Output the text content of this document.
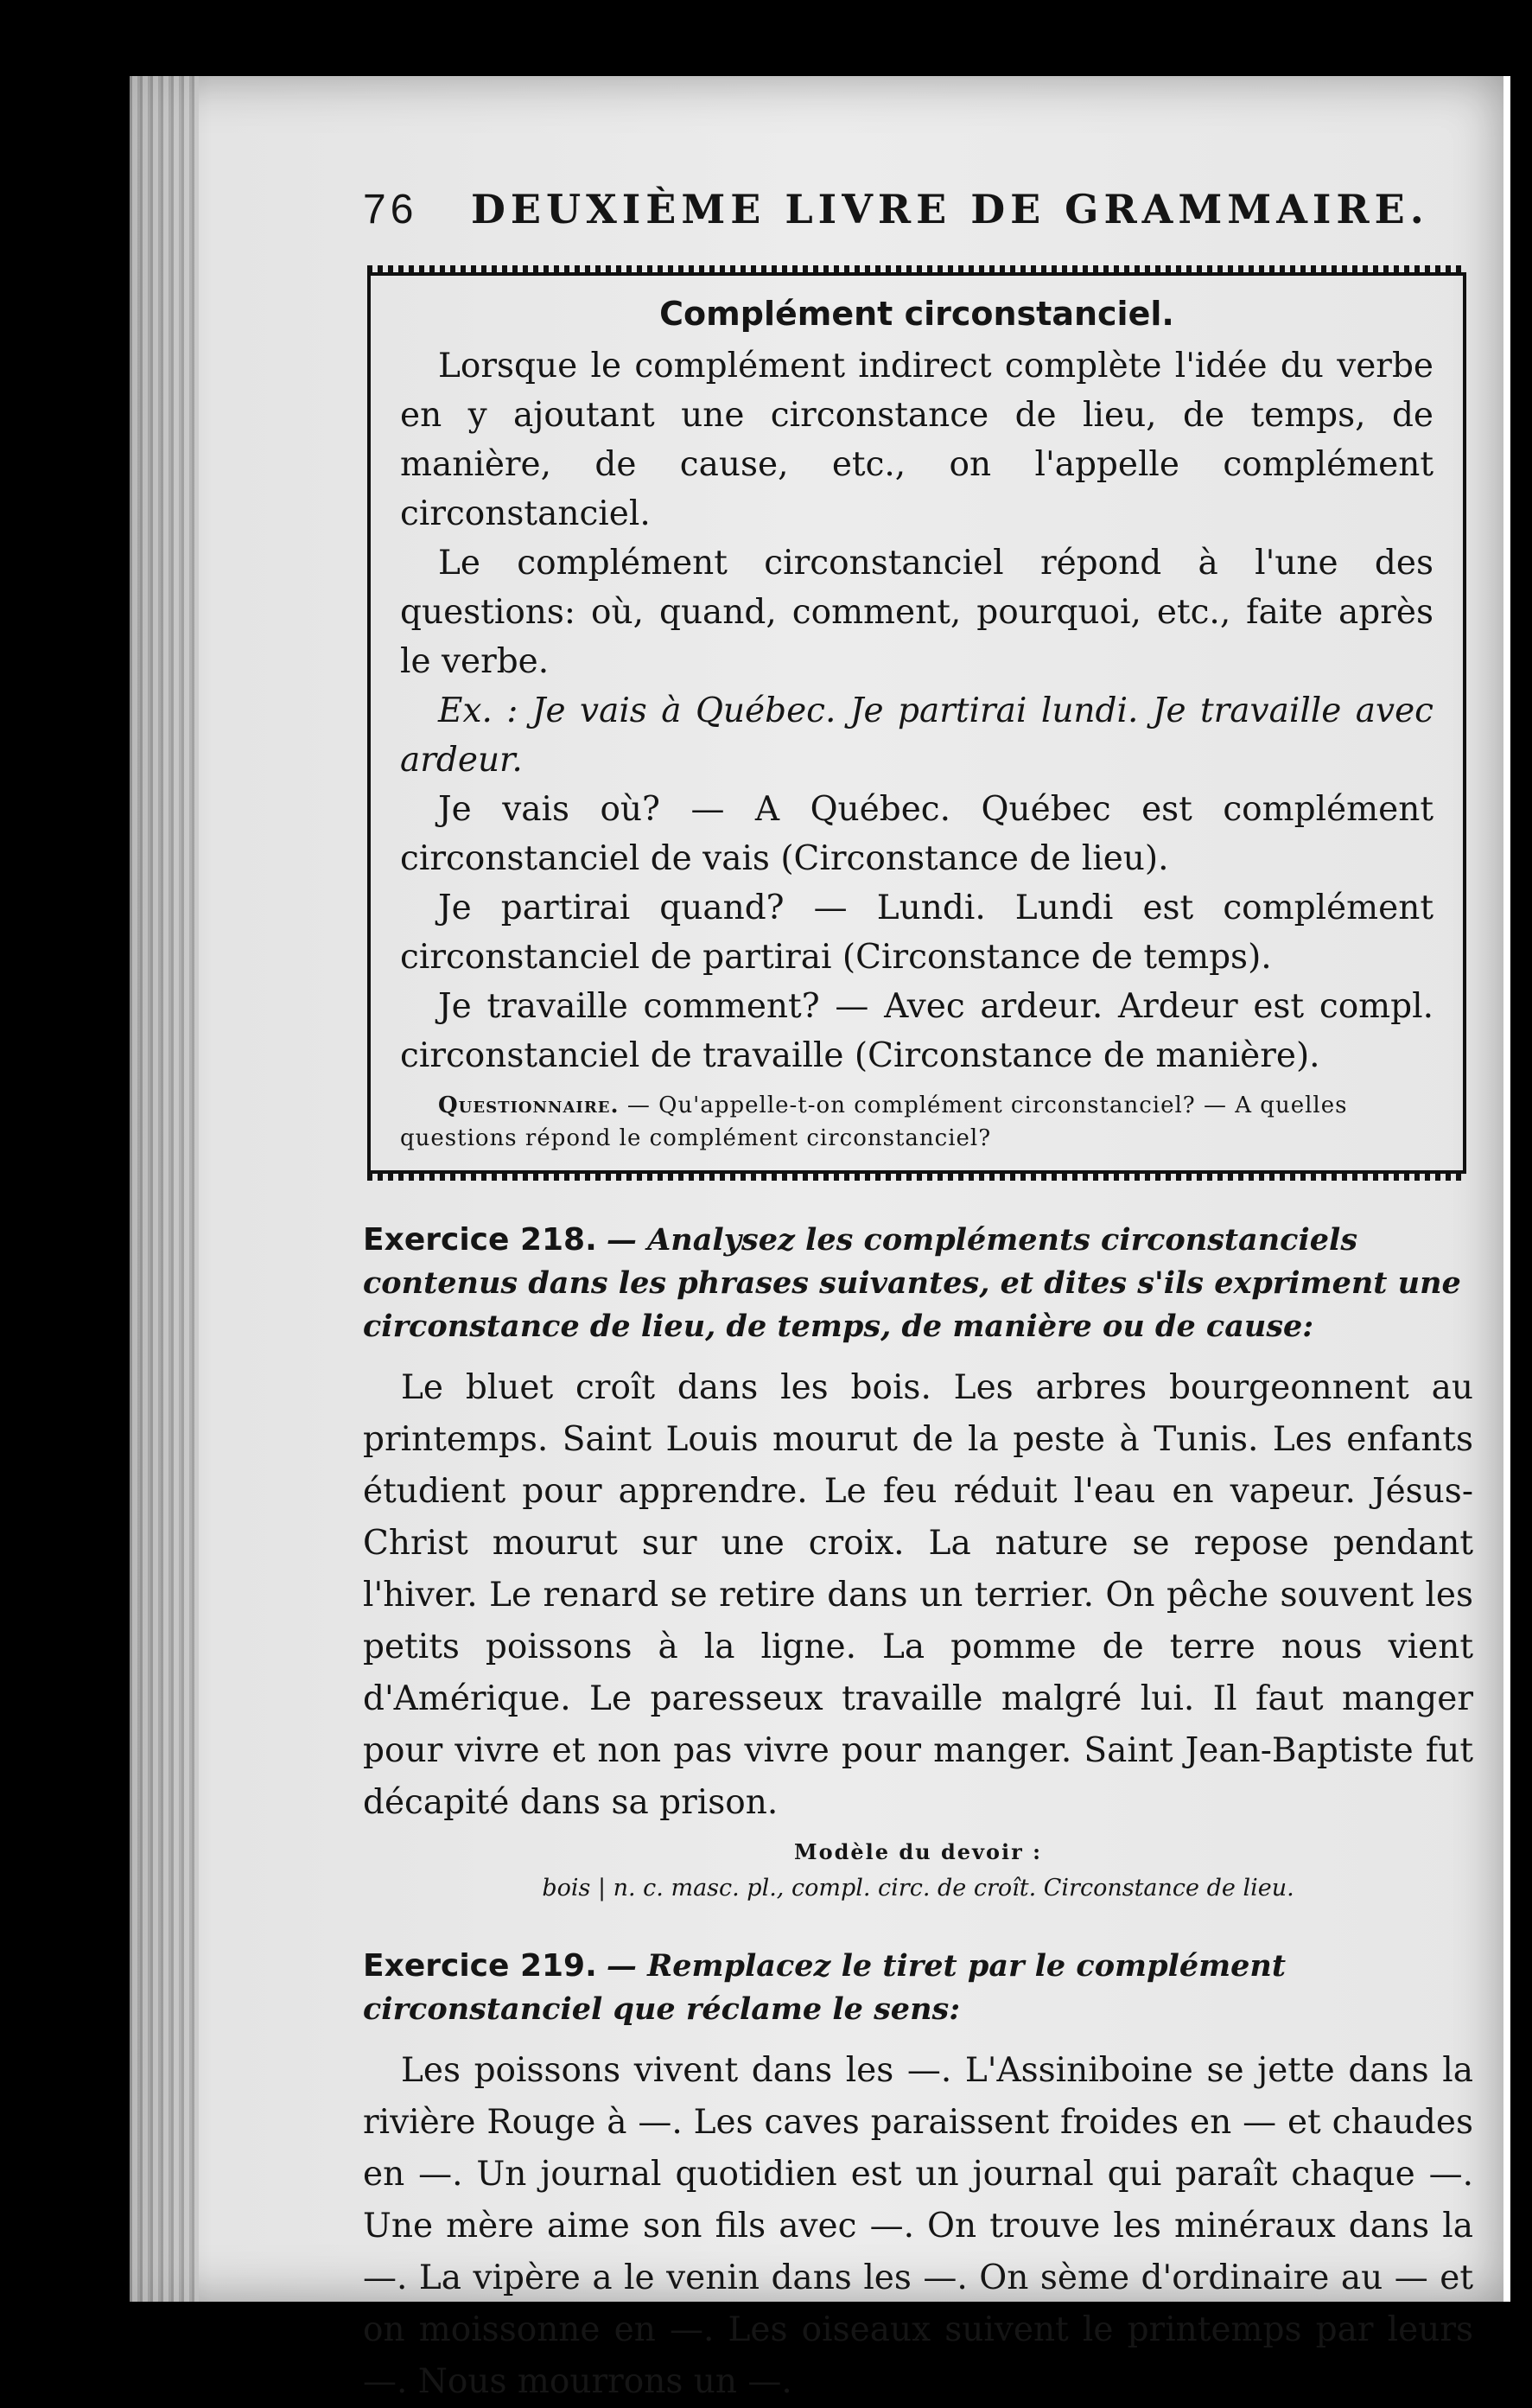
76	DEUXIÈME LIVRE DE GRAMMAIRE.
Complément circonstanciel.

Lorsque le complément indirect complète l'idée du verbe en y ajoutant une circonstance de lieu, de temps, de manière, de cause, etc., on l'appelle complément circonstanciel.

Le complément circonstanciel répond à l'une des questions: où, quand, comment, pourquoi, etc., faite après le verbe.

Ex. : Je vais à Québec. Je partirai lundi. Je travaille avec ardeur.

Je vais où? — A Québec. Québec est complément circonstanciel de vais (Circonstance de lieu).

Je partirai quand? — Lundi. Lundi est complément circonstanciel de partirai (Circonstance de temps).

Je travaille comment? — Avec ardeur. Ardeur est compl. circonstanciel de travaille (Circonstance de manière).

Questionnaire. — Qu'appelle-t-on complément circonstanciel? — A quelles questions répond le complément circonstanciel?
Exercice 218. — Analysez les compléments circonstanciels contenus dans les phrases suivantes, et dites s'ils expriment une circonstance de lieu, de temps, de manière ou de cause:
Le bluet croît dans les bois. Les arbres bourgeonnent au printemps. Saint Louis mourut de la peste à Tunis. Les enfants étudient pour apprendre. Le feu réduit l'eau en vapeur. Jésus-Christ mourut sur une croix. La nature se repose pendant l'hiver. Le renard se retire dans un terrier. On pêche souvent les petits poissons à la ligne. La pomme de terre nous vient d'Amérique. Le paresseux travaille malgré lui. Il faut manger pour vivre et non pas vivre pour manger. Saint Jean-Baptiste fut décapité dans sa prison.
Modèle du devoir :
bois | n. c. masc. pl., compl. circ. de croît. Circonstance de lieu.
Exercice 219. — Remplacez le tiret par le complément circonstanciel que réclame le sens:
Les poissons vivent dans les —. L'Assiniboine se jette dans la rivière Rouge à —. Les caves paraissent froides en — et chaudes en —. Un journal quotidien est un journal qui paraît chaque —. Une mère aime son fils avec —. On trouve les minéraux dans la —. La vipère a le venin dans les —. On sème d'ordinaire au — et on moissonne en —. Les oiseaux suivent le printemps par leurs —. Nous mourrons un —.
